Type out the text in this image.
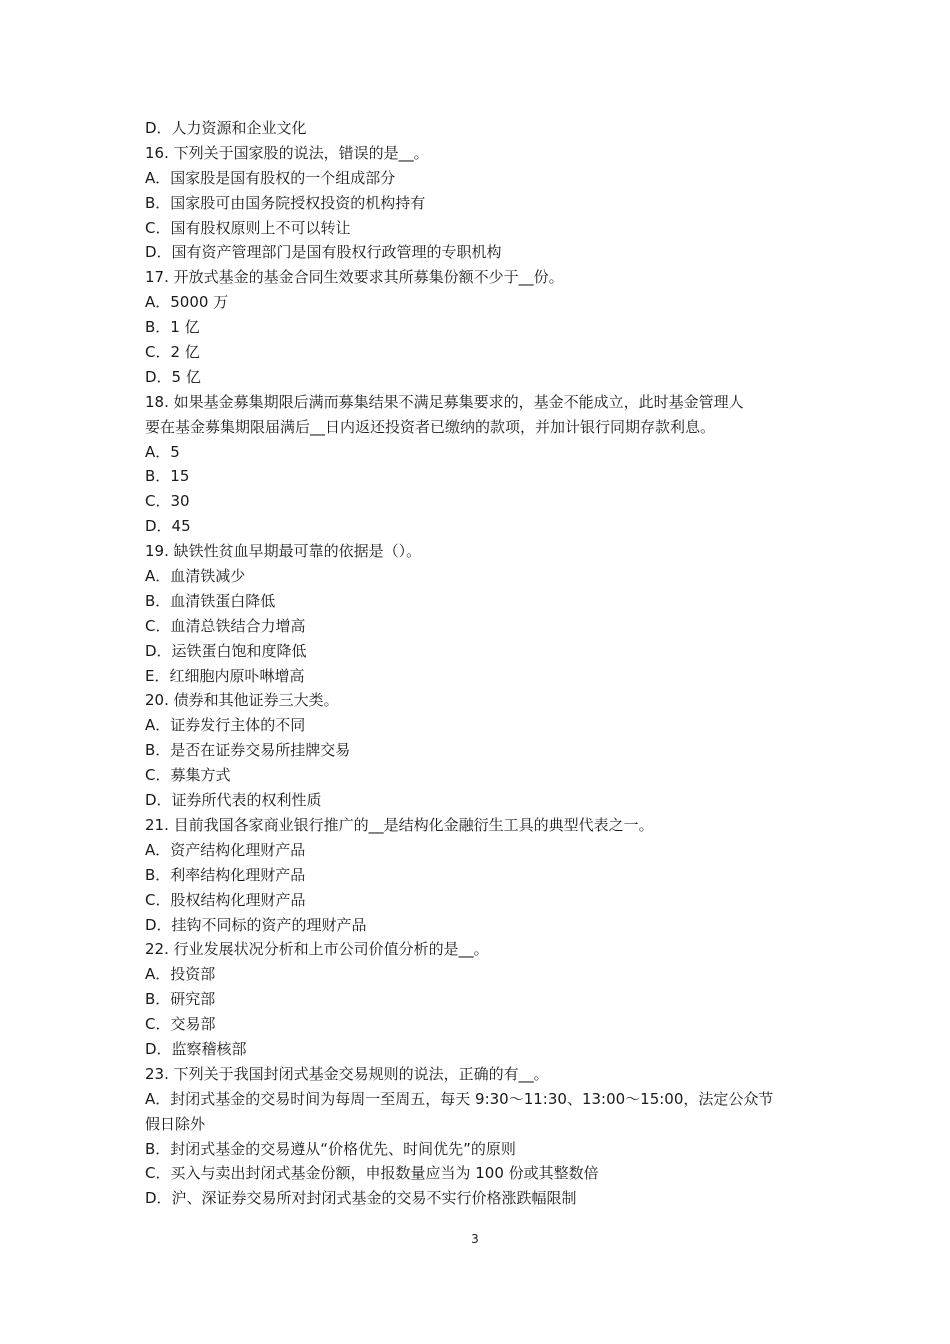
D．人力资源和企业文化
16. 下列关于国家股的说法，错误的是__。
A．国家股是国有股权的一个组成部分
B．国家股可由国务院授权投资的机构持有
C．国有股权原则上不可以转让
D．国有资产管理部门是国有股权行政管理的专职机构
17. 开放式基金的基金合同生效要求其所募集份额不少于__份。
A．5000 万
B．1 亿
C．2 亿
D．5 亿
18. 如果基金募集期限后满而募集结果不满足募集要求的，基金不能成立，此时基金管理人
要在基金募集期限届满后__日内返还投资者已缴纳的款项，并加计银行同期存款利息。
A．5
B．15
C．30
D．45
19. 缺铁性贫血早期最可靠的依据是（）。
A．血清铁减少
B．血清铁蛋白降低
C．血清总铁结合力增高
D．运铁蛋白饱和度降低
E．红细胞内原卟啉增高
20. 债券和其他证券三大类。
A．证券发行主体的不同
B．是否在证券交易所挂牌交易
C．募集方式
D．证券所代表的权利性质
21. 目前我国各家商业银行推广的__是结构化金融衍生工具的典型代表之一。
A．资产结构化理财产品
B．利率结构化理财产品
C．股权结构化理财产品
D．挂钩不同标的资产的理财产品
22. 行业发展状况分析和上市公司价值分析的是__。
A．投资部
B．研究部
C．交易部
D．监察稽核部
23. 下列关于我国封闭式基金交易规则的说法，正确的有__。
A．封闭式基金的交易时间为每周一至周五，每天 9:30～11:30、13:00～15:00，法定公众节
假日除外
B．封闭式基金的交易遵从“价格优先、时间优先”的原则
C．买入与卖出封闭式基金份额，申报数量应当为 100 份或其整数倍
D．沪、深证券交易所对封闭式基金的交易不实行价格涨跌幅限制
3
